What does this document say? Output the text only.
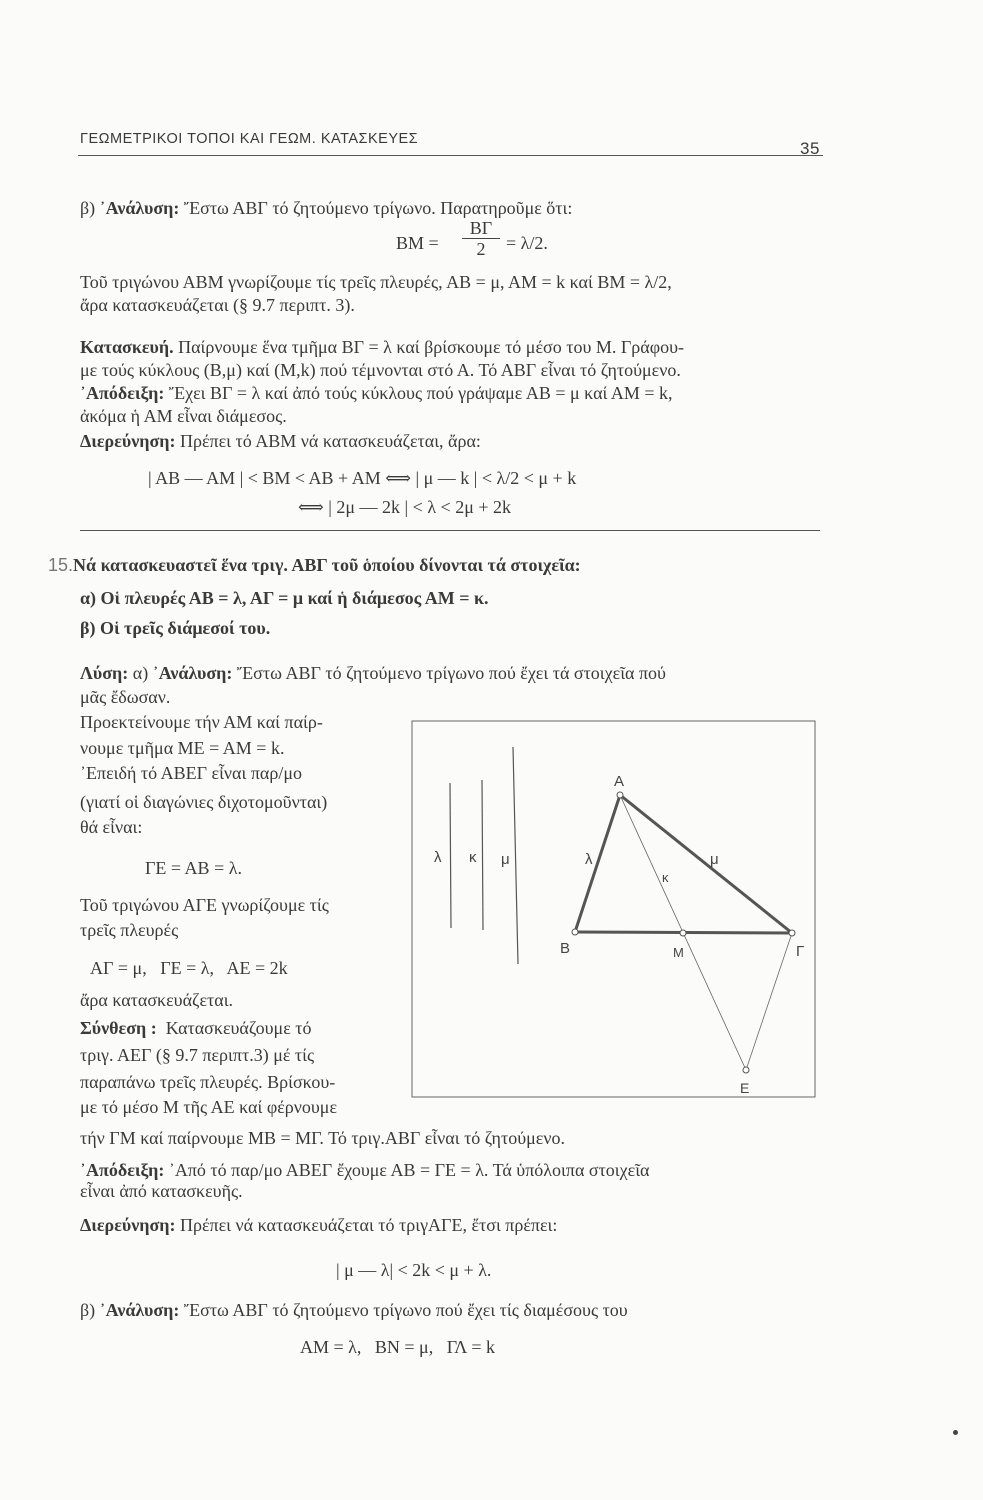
ΓΕΩΜΕΤΡΙΚΟΙ ΤΟΠΟΙ ΚΑΙ ΓΕΩΜ. ΚΑΤΑΣΚΕΥΕΣ	35
β) ᾿Ανάλυση: Ἔστω ΑΒΓ τό ζητούμενο τρίγωνο. Παρατηροῦμε ὅτι:
BM = $\frac{B\Gamma}{2} = \lambda/2$.
Τοῦ τριγώνου ΑΒΜ γνωρίζουμε τίς τρεῖς πλευρές, ΑΒ = μ, ΑΜ = k καί ΒΜ = λ/2,
ἄρα κατασκευάζεται (§ 9.7 περιπτ. 3).
Κατασκευή. Παίρνουμε ἕνα τμῆμα ΒΓ = λ καί βρίσκουμε τό μέσο του Μ. Γράφου-
με τούς κύκλους (Β,μ) καί (Μ,k) πού τέμνονται στό Α. Τό ΑΒΓ εἶναι τό ζητούμενο.
᾿Απόδειξη: Ἔχει ΒΓ = λ καί ἀπό τούς κύκλους πού γράψαμε ΑΒ = μ καί ΑΜ = k,
ἀκόμα ἡ ΑΜ εἶναι διάμεσος.
Διερεύνηση: Πρέπει τό ΑΒΜ νά κατασκευάζεται, ἄρα:
| ΑΒ — ΑΜ | < ΒΜ < ΑΒ + ΑΜ ⟺ | μ — k | < λ/2 < μ + k
⟺ | 2μ — 2k | < λ < 2μ + 2k
15.Νά κατασκευαστεῖ ἕνα τριγ. ΑΒΓ τοῦ ὁποίου δίνονται τά στοιχεῖα:
α) Οἱ πλευρές ΑΒ = λ, ΑΓ = μ καί ἡ διάμεσος ΑΜ = κ.
β) Οἱ τρεῖς διάμεσοί του.
Λύση: α) ᾿Ανάλυση: Ἔστω ΑΒΓ τό ζητούμενο τρίγωνο πού ἔχει τά στοιχεῖα πού
μᾶς ἔδωσαν.
Προεκτείνουμε τήν ΑΜ καί παίρ-
νουμε τμῆμα ΜΕ = ΑΜ = k.
᾿Επειδή τό ΑΒΕΓ εἶναι παρ/μο
(γιατί οἱ διαγώνιες διχοτομοῦνται)
θά εἶναι:
ΓΕ = ΑΒ = λ.
Τοῦ τριγώνου ΑΓΕ γνωρίζουμε τίς
τρεῖς πλευρές
ΑΓ = μ,   ΓΕ = λ,   ΑΕ = 2k
ἄρα κατασκευάζεται.
Σύνθεση :  Κατασκευάζουμε τό
τριγ. ΑΕΓ (§ 9.7 περιπτ.3) μέ τίς
παραπάνω τρεῖς πλευρές. Βρίσκου-
με τό μέσο Μ τῆς ΑΕ καί φέρνουμε
τήν ΓΜ καί παίρνουμε ΜΒ = ΜΓ. Τό τριγ.ΑΒΓ εἶναι τό ζητούμενο.
᾿Απόδειξη: ᾿Από τό παρ/μο ΑΒΕΓ ἔχουμε ΑΒ = ΓΕ = λ. Τά ὑπόλοιπα στοιχεῖα
εἶναι ἀπό κατασκευῆς.
Διερεύνηση: Πρέπει νά κατασκευάζεται τό τριγΑΓΕ, ἔτσι πρέπει:
| μ — λ| < 2k < μ + λ.
β) ᾿Ανάλυση: Ἔστω ΑΒΓ τό ζητούμενο τρίγωνο πού ἔχει τίς διαμέσους του
ΑΜ = λ,   ΒΝ = μ,   ΓΛ = k
λ κ μ
A
B	M	Γ
E
λ	μ
κ
